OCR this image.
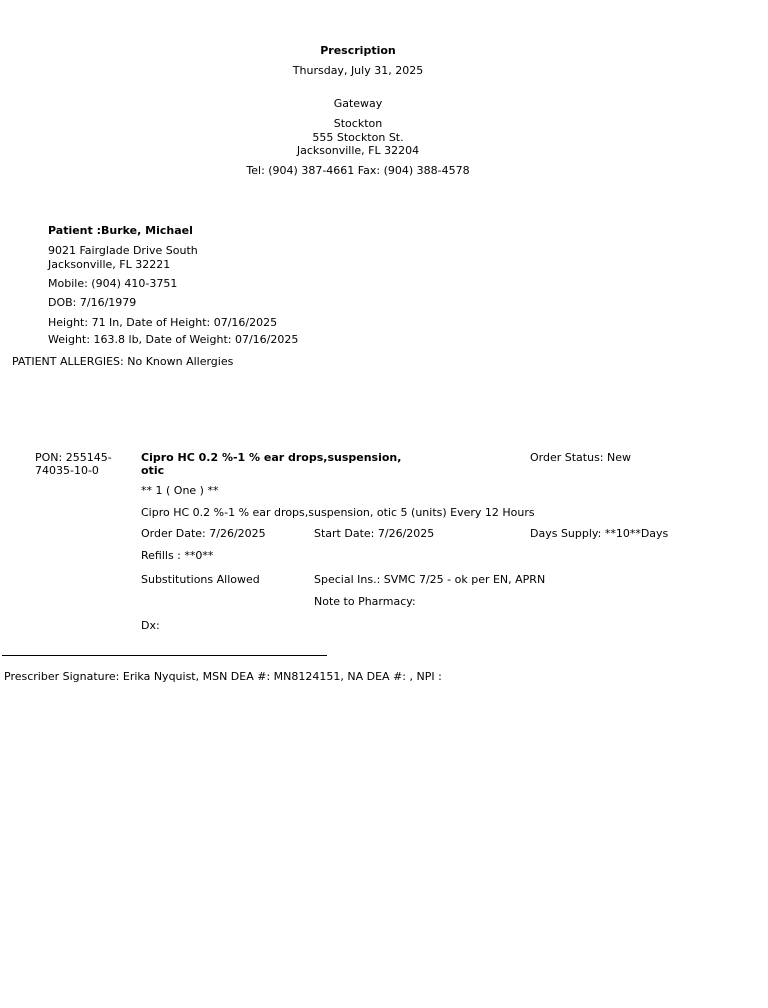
Prescription
Thursday, July 31, 2025
Gateway
Stockton
555 Stockton St.
Jacksonville, FL 32204
Tel: (904) 387-4661 Fax: (904) 388-4578
Patient :Burke, Michael
9021 Fairglade Drive South
Jacksonville, FL 32221
Mobile: (904) 410-3751
DOB: 7/16/1979
Height: 71 In, Date of Height: 07/16/2025
Weight: 163.8 lb, Date of Weight: 07/16/2025
PATIENT ALLERGIES: No Known Allergies
PON: 255145-
74035-10-0
Cipro HC 0.2 %-1 % ear drops,suspension,
otic
Order Status: New
** 1 ( One ) **
Cipro HC 0.2 %-1 % ear drops,suspension, otic 5 (units) Every 12 Hours
Order Date: 7/26/2025	Start Date: 7/26/2025	Days Supply: **10**Days
Refills : **0**
Substitutions Allowed	Special Ins.: SVMC 7/25 - ok per EN, APRN
Note to Pharmacy:
Dx:
Prescriber Signature: Erika Nyquist, MSN DEA #: MN8124151, NA DEA #: , NPI :
